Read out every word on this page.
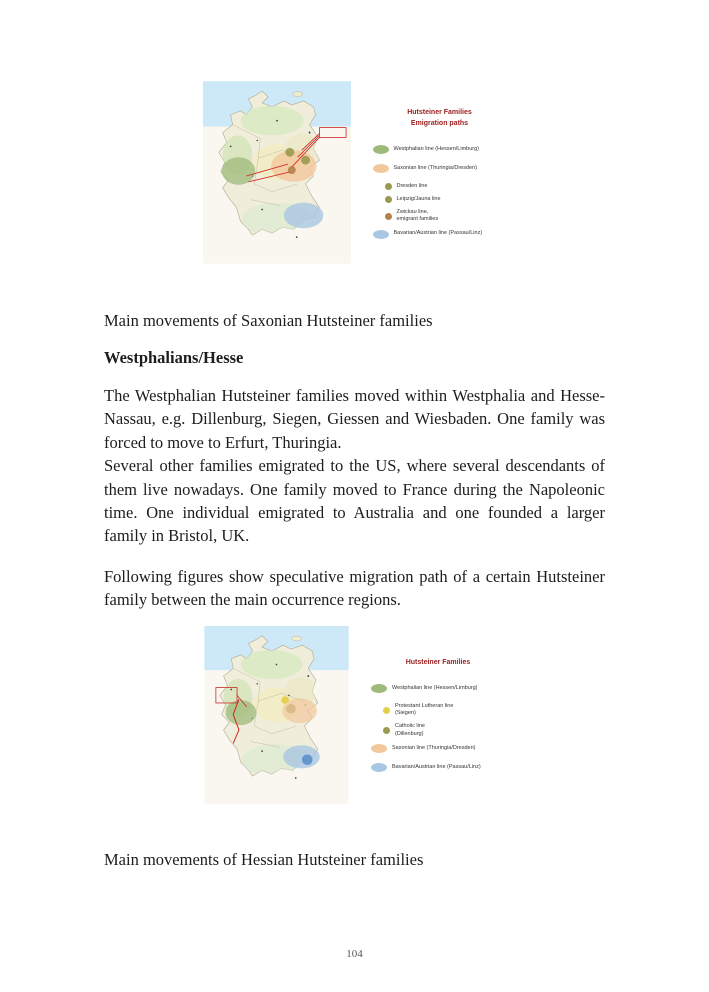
Hutsteiner Families
Emigration paths
Westphalian line (Hessen/Limburg)
Saxonian line (Thuringia/Dresden)
Dresden line
Leipzig/Jauna line
Zwickau line,
emigrant families
Bavarian/Austrian line (Passau/Linz)

Main movements of Saxonian Hutsteiner families

Westphalians/Hesse

The Westphalian Hutsteiner families moved within Westphalia and Hesse-Nassau, e.g. Dillenburg, Siegen, Giessen and Wiesbaden. One family was forced to move to Erfurt, Thuringia.

Several other families emigrated to the US, where several descendants of them live nowadays. One family moved to France during the Napoleonic time. One individual emigrated to Australia and one founded a larger family in Bristol, UK.

Following figures show speculative migration path of a certain Hutsteiner family between the main occurrence regions.

Hutsteiner Families
Westphalian line (Hessen/Limburg)
Protestant Lutheran line
(Siegen)
Catholic line
(Dillenburg)
Saxonian line (Thuringia/Dresden)
Bavarian/Austrian line (Passau/Linz)

Main movements of Hessian Hutsteiner families

104
